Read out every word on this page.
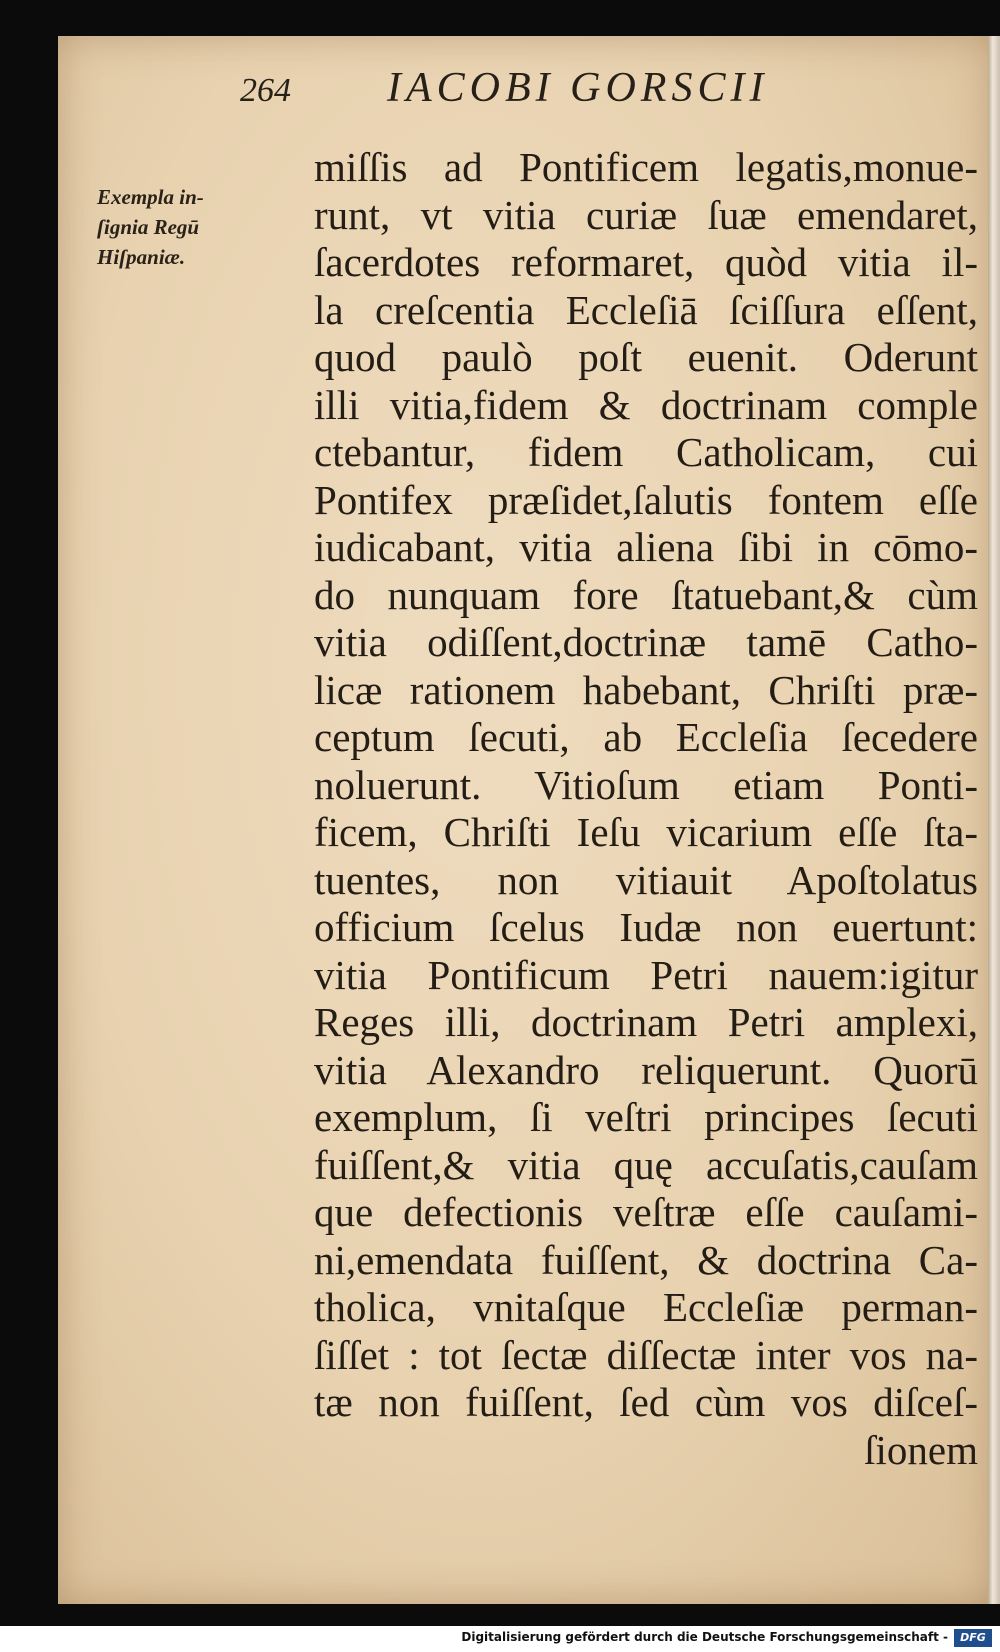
264 IACOBI GORSCII
Exempla in-
ſignia Regū
Hiſpaniæ.
miſſis ad Pontificem legatis,monue-
runt, vt vitia curiæ ſuæ emendaret,
ſacerdotes reformaret, quòd vitia il-
la creſcentia Eccleſiā ſciſſura eſſent,
quod paulò poſt euenit. Oderunt
illi vitia,fidem & doctrinam comple
ctebantur, fidem Catholicam, cui
Pontifex præſidet,ſalutis fontem eſſe
iudicabant, vitia aliena ſibi in cōmo-
do nunquam fore ſtatuebant,& cùm
vitia odiſſent,doctrinæ tamē Catho-
licæ rationem habebant, Chriſti præ-
ceptum ſecuti, ab Eccleſia ſecedere
noluerunt. Vitioſum etiam Ponti-
ficem, Chriſti Ieſu vicarium eſſe ſta-
tuentes, non vitiauit Apoſtolatus
officium ſcelus Iudæ non euertunt:
vitia Pontificum Petri nauem:igitur
Reges illi, doctrinam Petri amplexi,
vitia Alexandro reliquerunt. Quorū
exemplum, ſi veſtri principes ſecuti
fuiſſent,& vitia quę accuſatis,cauſam
que defectionis veſtræ eſſe cauſami-
ni,emendata fuiſſent, & doctrina Ca-
tholica, vnitaſque Eccleſiæ perman-
ſiſſet : tot ſectæ diſſectæ inter vos na-
tæ non fuiſſent, ſed cùm vos diſceſ-
ſionem
Digitalisierung gefördert durch die Deutsche Forschungsgemeinschaft -	DFG
